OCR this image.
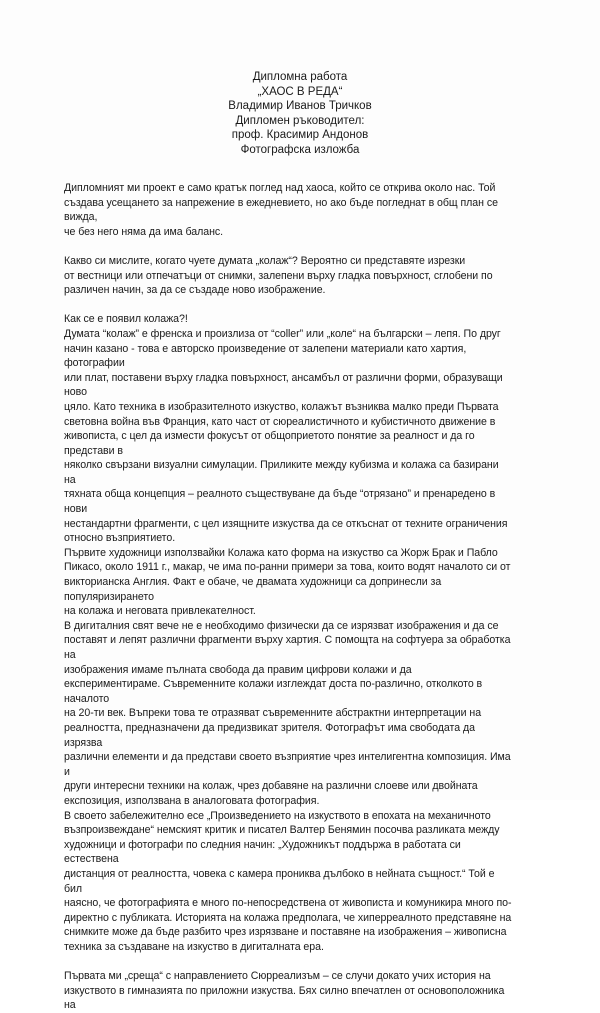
Дипломна работа
„ХАОС В РЕДА“
Владимир Иванов Тричков
Дипломен ръководител:
проф. Красимир Андонов
Фотографска изложба

Дипломният ми проект е само кратък поглед над хаоса, който се открива около нас. Той
създава усещането за напрежение в ежедневието, но ако бъде погледнат в общ план се вижда,
че без него няма да има баланс.

Какво си мислите, когато чуете думата „колаж“? Вероятно си представяте изрезки
от вестници или отпечатъци от снимки, залепени върху гладка повърхност, сглобени по
различен начин, за да се създаде ново изображение.

Как се е появил колажа?!

Думата “колаж” е френска и произлиза от “coller” или „коле“ на български – лепя. По друг
начин казано - това е авторско произведение от залепени материали като хартия, фотографии
или плат, поставени върху гладка повърхност, ансамбъл от различни форми, образуващи ново
цяло. Като техника в изобразителното изкуство, колажът възниква малко преди Първата
световна война във Франция, като част от сюреалистичното и кубистичното движение в
живописта, с цел да измести фокусът от общоприетото понятие за реалност и да го представи в
няколко свързани визуални симулации. Приликите между кубизма и колажа са базирани на
тяхната обща концепция – реалното съществуване да бъде “отрязано” и пренаредено в нови
нестандартни фрагменти, с цел изящните изкуства да се откъснат от техните ограничения
относно възприятието.

Първите художници използвайки Колажа като форма на изкуство са Жорж Брак и Пабло
Пикасо, около 1911 г., макар, че има по-ранни примери за това, които водят началото си от
викторианска Англия. Факт е обаче, че двамата художници са допринесли за популяризирането
на колажа и неговата привлекателност.

В дигиталния свят вече не е необходимо физически да се изрязват изображения и да се
поставят и лепят различни фрагменти върху хартия. С помощта на софтуера за обработка на
изображения имаме пълната свобода да правим цифрови колажи и да
експериментираме. Съвременните колажи изглеждат доста по-различно, отколкото в началото
на 20-ти век. Въпреки това те отразяват съвременните абстрактни интерпретации на
реалността, предназначени да предизвикат зрителя. Фотографът има свободата да изрязва
различни елементи и да представи своето възприятие чрез интелигентна композиция. Има и
други интересни техники на колаж, чрез добавяне на различни слоеве или двойната
експозиция, използвана в аналоговата фотография.

В своето забележително есе „Произведението на изкуството в епохата на механичното
възпроизвеждане“ немският критик и писател Валтер Бенямин посочва разликата между
художници и фотографи по следния начин: „Художникът поддържа в работата си естествена
дистанция от реалността, човека с камера прониква дълбоко в нейната същност.“ Той е бил
наясно, че фотографията е много по-непосредствена от живописта и комуникира много по-
директно с публиката. Историята на колажа предполага, че хиперреалното представяне на
снимките може да бъде разбито чрез изрязване и поставяне на изображения – живописна
техника за създаване на изкуство в дигиталната ера.

Първата ми „среща“ с направлението Сюрреализъм – се случи докато учих история на
изкуството в гимназията по приложни изкуства. Бях силно впечатлен от основоположника на
